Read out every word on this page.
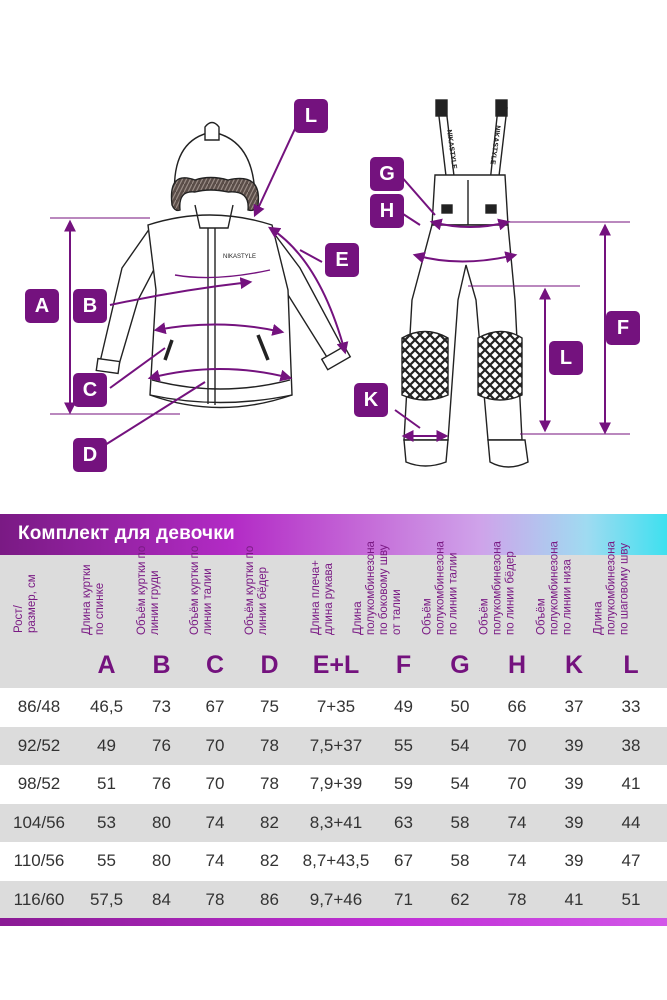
NIKASTYLE
NIKASTYLE	NIKASTYLE
A	B
C
D
E
L
G
H
K
F
L
Комплект для девочки
Рост/
размер, см
Длина куртки
по спинке
A
Объём куртки по
линии груди
B
Объём куртки по
линии талии
C
Объём куртки по
линии бёдер
D
Длина плеча+
длина рукава
E+L
Длина
полукомбинезона
по боковому шву
от талии
F
Объём
полукомбинезона
по линии талии
G
Объём
полукомбинезона
по линии бёдер
H
Объём
полукомбинезона
по линии низа
K
Длина
полукомбинезона
по шаговому шву
L
86/48	46,5	73	67	75	7+35	49	50	66	37	33
92/52	49	76	70	78	7,5+37	55	54	70	39	38
98/52	51	76	70	78	7,9+39	59	54	70	39	41
104/56	53	80	74	82	8,3+41	63	58	74	39	44
110/56	55	80	74	82	8,7+43,5	67	58	74	39	47
116/60	57,5	84	78	86	9,7+46	71	62	78	41	51
